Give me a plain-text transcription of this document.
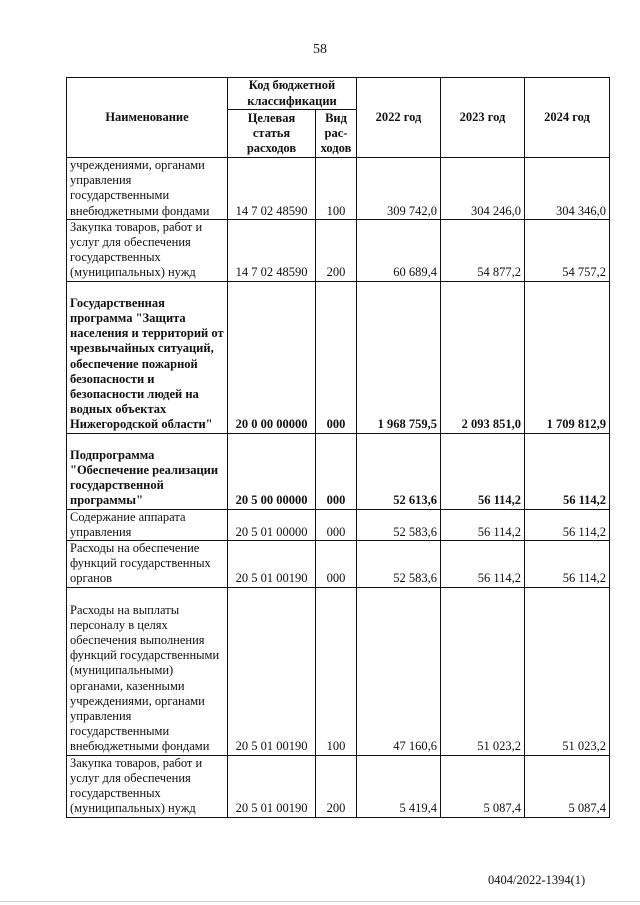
58
Наименование	Код бюджетной классификации		2022 год	2023 год	2024 год
	Целевая статья расходов	Вид рас-ходов			
учреждениями, органами управления государственными внебюджетными фондами	14 7 02 48590	100	309 742,0	304 246,0	304 346,0
Закупка товаров, работ и услуг для обеспечения государственных (муниципальных) нужд	14 7 02 48590	200	60 689,4	54 877,2	54 757,2
Государственная программа "Защита населения и территорий от чрезвычайных ситуаций, обеспечение пожарной безопасности и безопасности людей на водных объектах Нижегородской области"	20 0 00 00000	000	1 968 759,5	2 093 851,0	1 709 812,9
Подпрограмма "Обеспечение реализации государственной программы"	20 5 00 00000	000	52 613,6	56 114,2	56 114,2
Содержание аппарата управления	20 5 01 00000	000	52 583,6	56 114,2	56 114,2
Расходы на обеспечение функций государственных органов	20 5 01 00190	000	52 583,6	56 114,2	56 114,2
Расходы на выплаты персоналу в целях обеспечения выполнения функций государственными (муниципальными) органами, казенными учреждениями, органами управления государственными внебюджетными фондами	20 5 01 00190	100	47 160,6	51 023,2	51 023,2
Закупка товаров, работ и услуг для обеспечения государственных (муниципальных) нужд	20 5 01 00190	200	5 419,4	5 087,4	5 087,4
0404/2022-1394(1)
